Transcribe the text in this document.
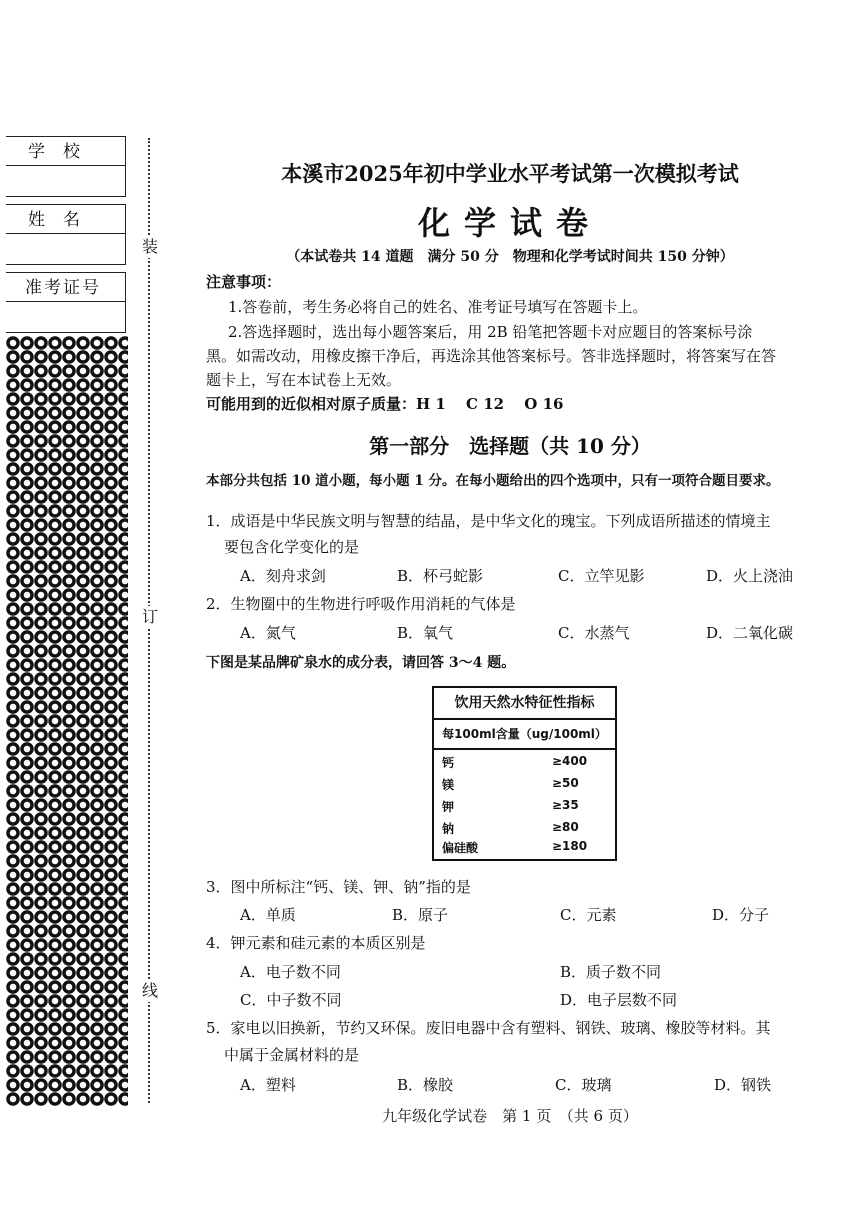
学校
姓名
准考证号
装
订
线
本溪市2025年初中学业水平考试第一次模拟考试
化学试卷
（本试卷共 14 道题　满分 50 分　物理和化学考试时间共 150 分钟）
注意事项：
1.答卷前，考生务必将自己的姓名、准考证号填写在答题卡上。
2.答选择题时，选出每小题答案后，用 2B 铅笔把答题卡对应题目的答案标号涂
黑。如需改动，用橡皮擦干净后，再选涂其他答案标号。答非选择题时，将答案写在答
题卡上，写在本试卷上无效。
可能用到的近似相对原子质量：H 1　 C 12　 O 16
第一部分　选择题（共 10 分）
本部分共包括 10 道小题，每小题 1 分。在每小题给出的四个选项中，只有一项符合题目要求。
1．成语是中华民族文明与智慧的结晶，是中华文化的瑰宝。下列成语所描述的情境主
要包含化学变化的是
A．刻舟求剑	B．杯弓蛇影	C．立竿见影	D．火上浇油
2．生物圈中的生物进行呼吸作用消耗的气体是
A．氮气	B．氧气	C．水蒸气	D．二氧化碳
下图是某品牌矿泉水的成分表，请回答 3～4 题。
饮用天然水特征性指标
每100ml含量（ug/100ml）
钙	≥400
镁	≥50
钾	≥35
钠	≥80
偏硅酸	≥180
3．图中所标注“钙、镁、钾、钠”指的是
A．单质	B．原子	C．元素	D．分子
4．钾元素和硅元素的本质区别是
A．电子数不同	B．质子数不同
C．中子数不同	D．电子层数不同
5．家电以旧换新，节约又环保。废旧电器中含有塑料、钢铁、玻璃、橡胶等材料。其
中属于金属材料的是
A．塑料	B．橡胶	C．玻璃	D．钢铁
九年级化学试卷　第 1 页　（共 6 页）
